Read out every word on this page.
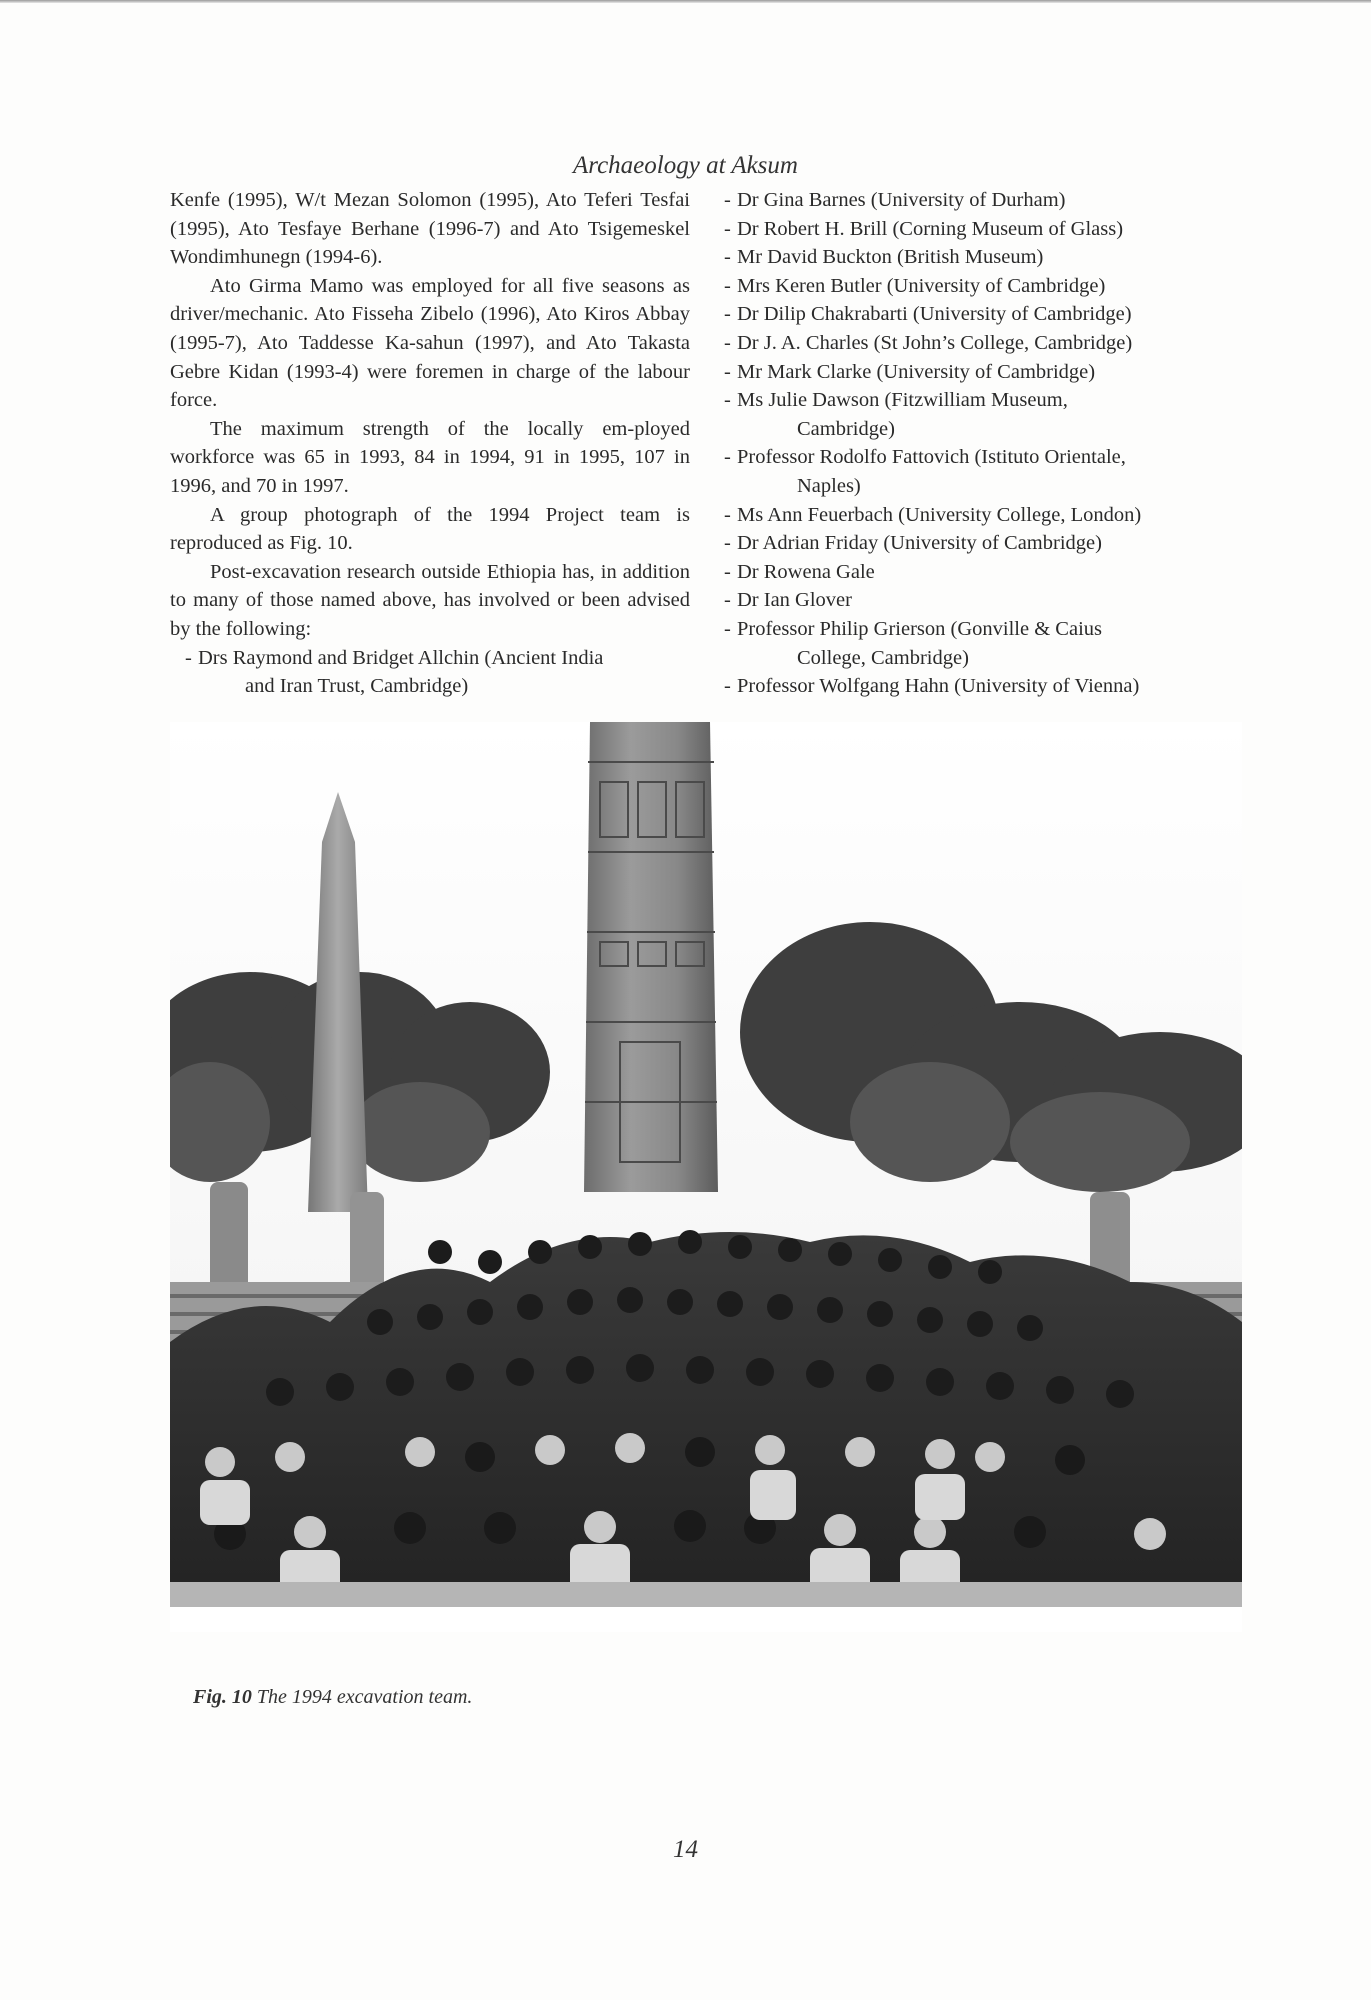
Archaeology at Aksum

Kenfe (1995), W/t Mezan Solomon (1995), Ato Teferi Tesfai (1995), Ato Tesfaye Berhane (1996-7) and Ato Tsigemeskel Wondimhunegn (1994-6).

Ato Girma Mamo was employed for all five seasons as driver/mechanic. Ato Fisseha Zibelo (1996), Ato Kiros Abbay (1995-7), Ato Taddesse Ka-sahun (1997), and Ato Takasta Gebre Kidan (1993-4) were foremen in charge of the labour force.

The maximum strength of the locally em-ployed workforce was 65 in 1993, 84 in 1994, 91 in 1995, 107 in 1996, and 70 in 1997.

A group photograph of the 1994 Project team is reproduced as Fig. 10.

Post-excavation research outside Ethiopia has, in addition to many of those named above, has involved or been advised by the following:

- Drs Raymond and Bridget Allchin (Ancient India
and Iran Trust, Cambridge)
- Dr Gina Barnes (University of Durham)
- Dr Robert H. Brill (Corning Museum of Glass)
- Mr David Buckton (British Museum)
- Mrs Keren Butler (University of Cambridge)
- Dr Dilip Chakrabarti (University of Cambridge)
- Dr J. A. Charles (St John’s College, Cambridge)
- Mr Mark Clarke (University of Cambridge)
- Ms Julie Dawson (Fitzwilliam Museum,
Cambridge)
- Professor Rodolfo Fattovich (Istituto Orientale,
Naples)
- Ms Ann Feuerbach (University College, London)
- Dr Adrian Friday (University of Cambridge)
- Dr Rowena Gale
- Dr Ian Glover
- Professor Philip Grierson (Gonville & Caius
College, Cambridge)
- Professor Wolfgang Hahn (University of Vienna)
Fig. 10 The 1994 excavation team.
14
